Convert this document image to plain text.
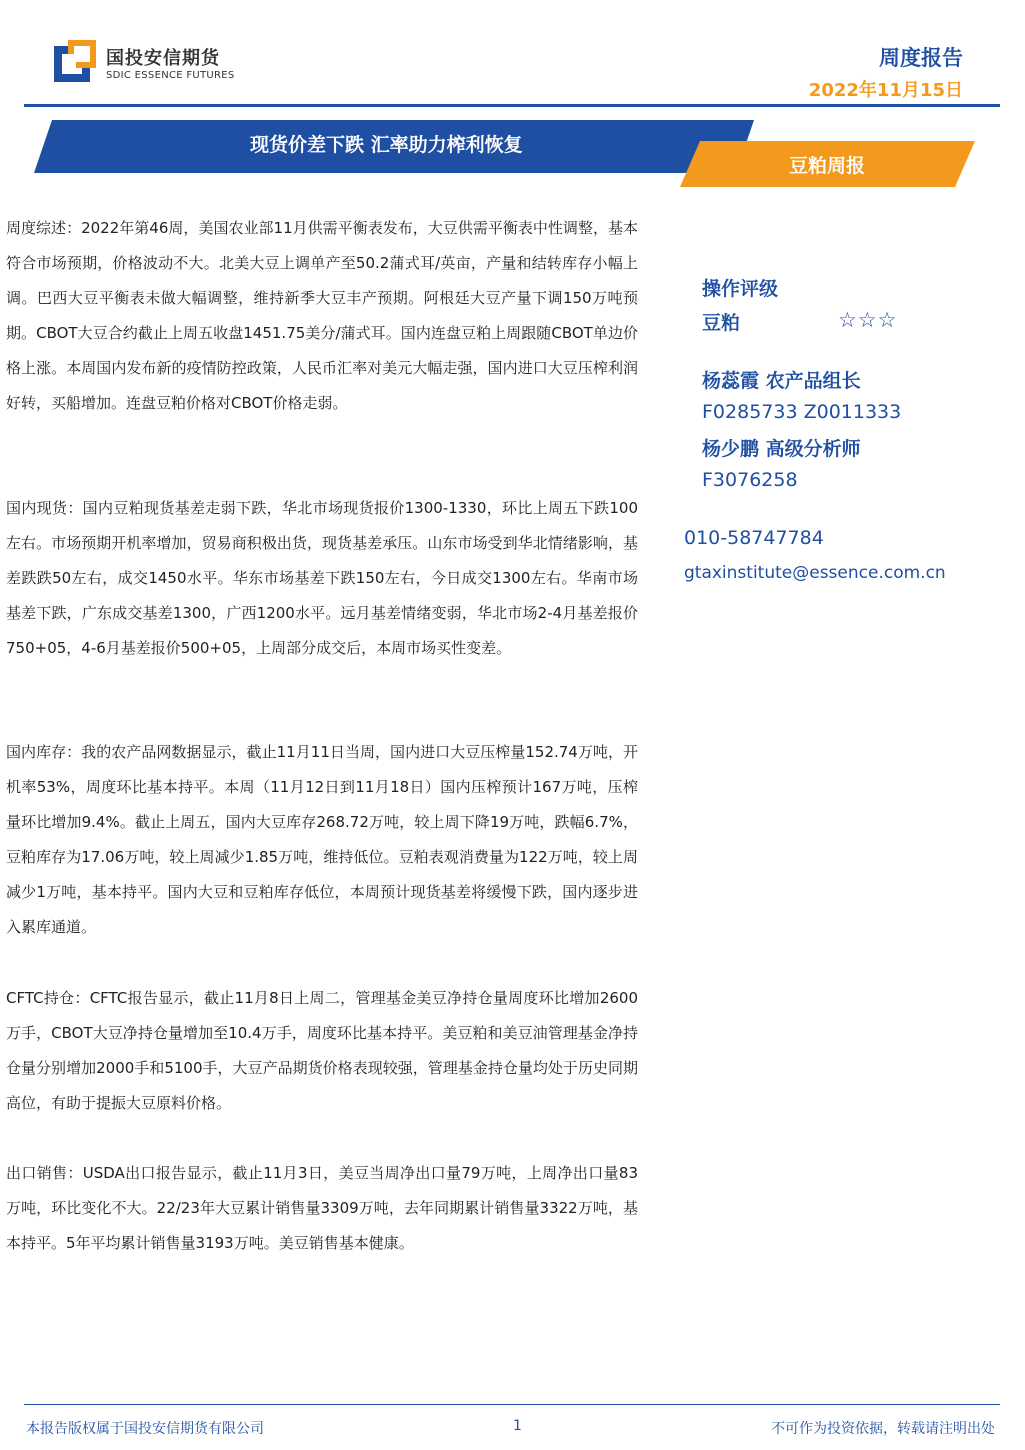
国投安信期货
SDIC ESSENCE FUTURES
周度报告
2022年11月15日
现货价差下跌 汇率助力榨利恢复
豆粕周报

周度综述：2022年第46周，美国农业部11月供需平衡表发布，大豆供需平衡表中性调整，基本符合市场预期，价格波动不大。北美大豆上调单产至50.2蒲式耳/英亩，产量和结转库存小幅上调。巴西大豆平衡表未做大幅调整，维持新季大豆丰产预期。阿根廷大豆产量下调150万吨预期。CBOT大豆合约截止上周五收盘1451.75美分/蒲式耳。国内连盘豆粕上周跟随CBOT单边价格上涨。本周国内发布新的疫情防控政策，人民币汇率对美元大幅走强，国内进口大豆压榨利润好转，买船增加。连盘豆粕价格对CBOT价格走弱。

国内现货：国内豆粕现货基差走弱下跌，华北市场现货报价1300-1330，环比上周五下跌100左右。市场预期开机率增加，贸易商积极出货，现货基差承压。山东市场受到华北情绪影响，基差跌跌50左右，成交1450水平。华东市场基差下跌150左右，今日成交1300左右。华南市场基差下跌，广东成交基差1300，广西1200水平。远月基差情绪变弱，华北市场2-4月基差报价750+05，4-6月基差报价500+05，上周部分成交后，本周市场买性变差。

国内库存：我的农产品网数据显示，截止11月11日当周，国内进口大豆压榨量152.74万吨，开机率53%，周度环比基本持平。本周（11月12日到11月18日）国内压榨预计167万吨，压榨量环比增加9.4%。截止上周五，国内大豆库存268.72万吨，较上周下降19万吨，跌幅6.7%，豆粕库存为17.06万吨，较上周减少1.85万吨，维持低位。豆粕表观消费量为122万吨，较上周减少1万吨，基本持平。国内大豆和豆粕库存低位，本周预计现货基差将缓慢下跌，国内逐步进入累库通道。

CFTC持仓：CFTC报告显示，截止11月8日上周二，管理基金美豆净持仓量周度环比增加2600万手，CBOT大豆净持仓量增加至10.4万手，周度环比基本持平。美豆粕和美豆油管理基金净持仓量分别增加2000手和5100手，大豆产品期货价格表现较强，管理基金持仓量均处于历史同期高位，有助于提振大豆原料价格。

出口销售：USDA出口报告显示，截止11月3日，美豆当周净出口量79万吨，上周净出口量83万吨，环比变化不大。22/23年大豆累计销售量3309万吨，去年同期累计销售量3322万吨，基本持平。5年平均累计销售量3193万吨。美豆销售基本健康。

操作评级
豆粕	☆☆☆
杨蕊霞 农产品组长
F0285733 Z0011333
杨少鹏 高级分析师
F3076258
010-58747784
gtaxinstitute@essence.com.cn
本报告版权属于国投安信期货有限公司	1	不可作为投资依据，转载请注明出处
